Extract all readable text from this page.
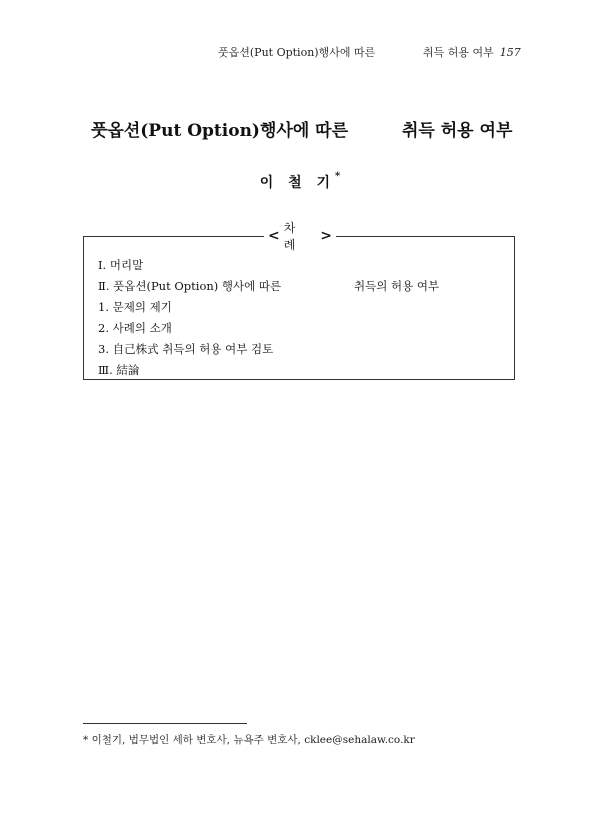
풋옵션(Put Option)행사에 따른	취득 허용 여부 157
풋옵션(Put Option)행사에 따른	취득 허용 여부
이 철 기*
< 차 례
>
Ⅰ. 머리말
Ⅱ. 풋옵션(Put Option) 행사에 따른	취득의 허용 여부
1. 문제의 제기
2. 사례의 소개
3. 自己株式 취득의 허용 여부 검토
Ⅲ. 結論
* 이철기, 법무법인 세하 변호사, 뉴욕주 변호사, cklee@sehalaw.co.kr
